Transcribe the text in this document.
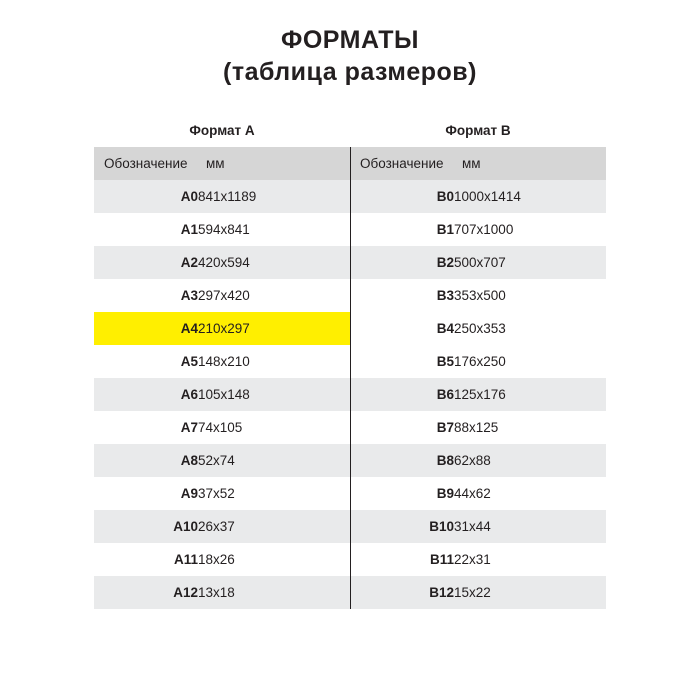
ФОРМАТЫ
(таблица размеров)
Формат А		Формат В	
Обозначение	мм		Обозначение	мм
A0	841x1189		B0	1000x1414
A1	594x841		B1	707x1000
A2	420x594		B2	500x707
A3	297x420		B3	353x500
A4	210x297		B4	250x353
A5	148x210		B5	176x250
A6	105x148		B6	125x176
A7	74x105		B7	88x125
A8	52x74		B8	62x88
A9	37x52		B9	44x62
A10	26x37		B10	31x44
A11	18x26		B11	22x31
A12	13x18		B12	15x22
